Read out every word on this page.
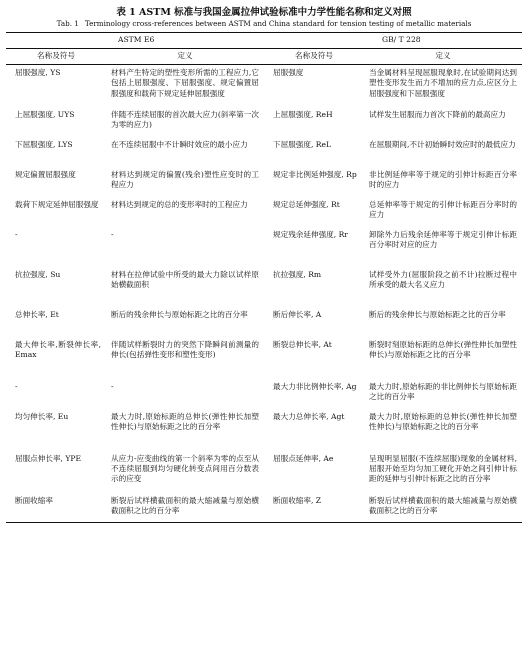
表 1 ASTM 标准与我国金属拉伸试验标准中力学性能名称和定义对照
Tab. 1 Terminology cross-references between ASTM and China standard for tension testing of metallic materials
ASTM E6		GB/ T 228	
名称及符号	定义	名称及符号	定义
屈服强度, YS	材料产生特定的塑性变形所需的工程应力,它包括上屈服强度、下屈服强度、规定偏置屈服强度和载荷下规定延伸屈服强度	屈服强度	当金属材料呈现屈服现象时,在试验期间达到塑性变形发生而力不增加的应力点,应区分上屈服强度和下屈服强度
上屈服强度, UYS	伴随不连续屈服的首次最大应力(斜率第一次为零的应力)	上屈服强度, ReH	试样发生屈服而力首次下降前的最高应力
下屈服强度, LYS	在不连续屈服中不计瞬时效应的最小应力	下屈服强度, ReL	在屈服期间,不计初始瞬时效应时的最低应力
规定偏置屈服强度	材料达到规定的偏置(残余)塑性应变时的工程应力	规定非比例延伸强度, Rp	非比例延伸率等于规定的引伸计标距百分率时的应力
载荷下规定延伸屈服强度	材料达到规定的总的变形率时的工程应力	规定总延伸强度, Rt	总延伸率等于规定的引伸计标距百分率时的应力
-	-	规定残余延伸强度, Rr	卸除外力后残余延伸率等于规定引伸计标距百分率时对应的应力
抗拉强度, Su	材料在拉伸试验中所受的最大力除以试样原始横截面积	抗拉强度, Rm	试样受外力(屈服阶段之前不计)拉断过程中所承受的最大名义应力
总伸长率, Et	断后的残余伸长与原始标距之比的百分率	断后伸长率, A	断后的残余伸长与原始标距之比的百分率
最大伸长率,断裂伸长率, Emax	伴随试样断裂时力的突然下降瞬间前测量的伸长(包括弹性变形和塑性变形)	断裂总伸长率, At	断裂时刻原始标距的总伸长(弹性伸长加塑性伸长)与原始标距之比的百分率
-	-	最大力非比例伸长率, Ag	最大力时,原始标距的非比例伸长与原始标距之比的百分率
均匀伸长率, Eu	最大力时,原始标距的总伸长(弹性伸长加塑性伸长)与原始标距之比的百分率	最大力总伸长率, Agt	最大力时,原始标距的总伸长(弹性伸长加塑性伸长)与原始标距之比的百分率
屈服点伸长率, YPE	从应力-应变曲线的第一个斜率为零的点至从不连续屈服到均匀硬化转变点间用百分数表示的应变	屈服点延伸率, Ae	呈现明显屈服(不连续屈服)现象的金属材料,屈服开始至均匀加工硬化开始之间引伸计标距的延伸与引伸计标距之比的百分率
断面收缩率	断裂后试样横截面积的最大缩减量与原始横截面积之比的百分率	断面收缩率, Z	断裂后试样横截面积的最大缩减量与原始横截面积之比的百分率
